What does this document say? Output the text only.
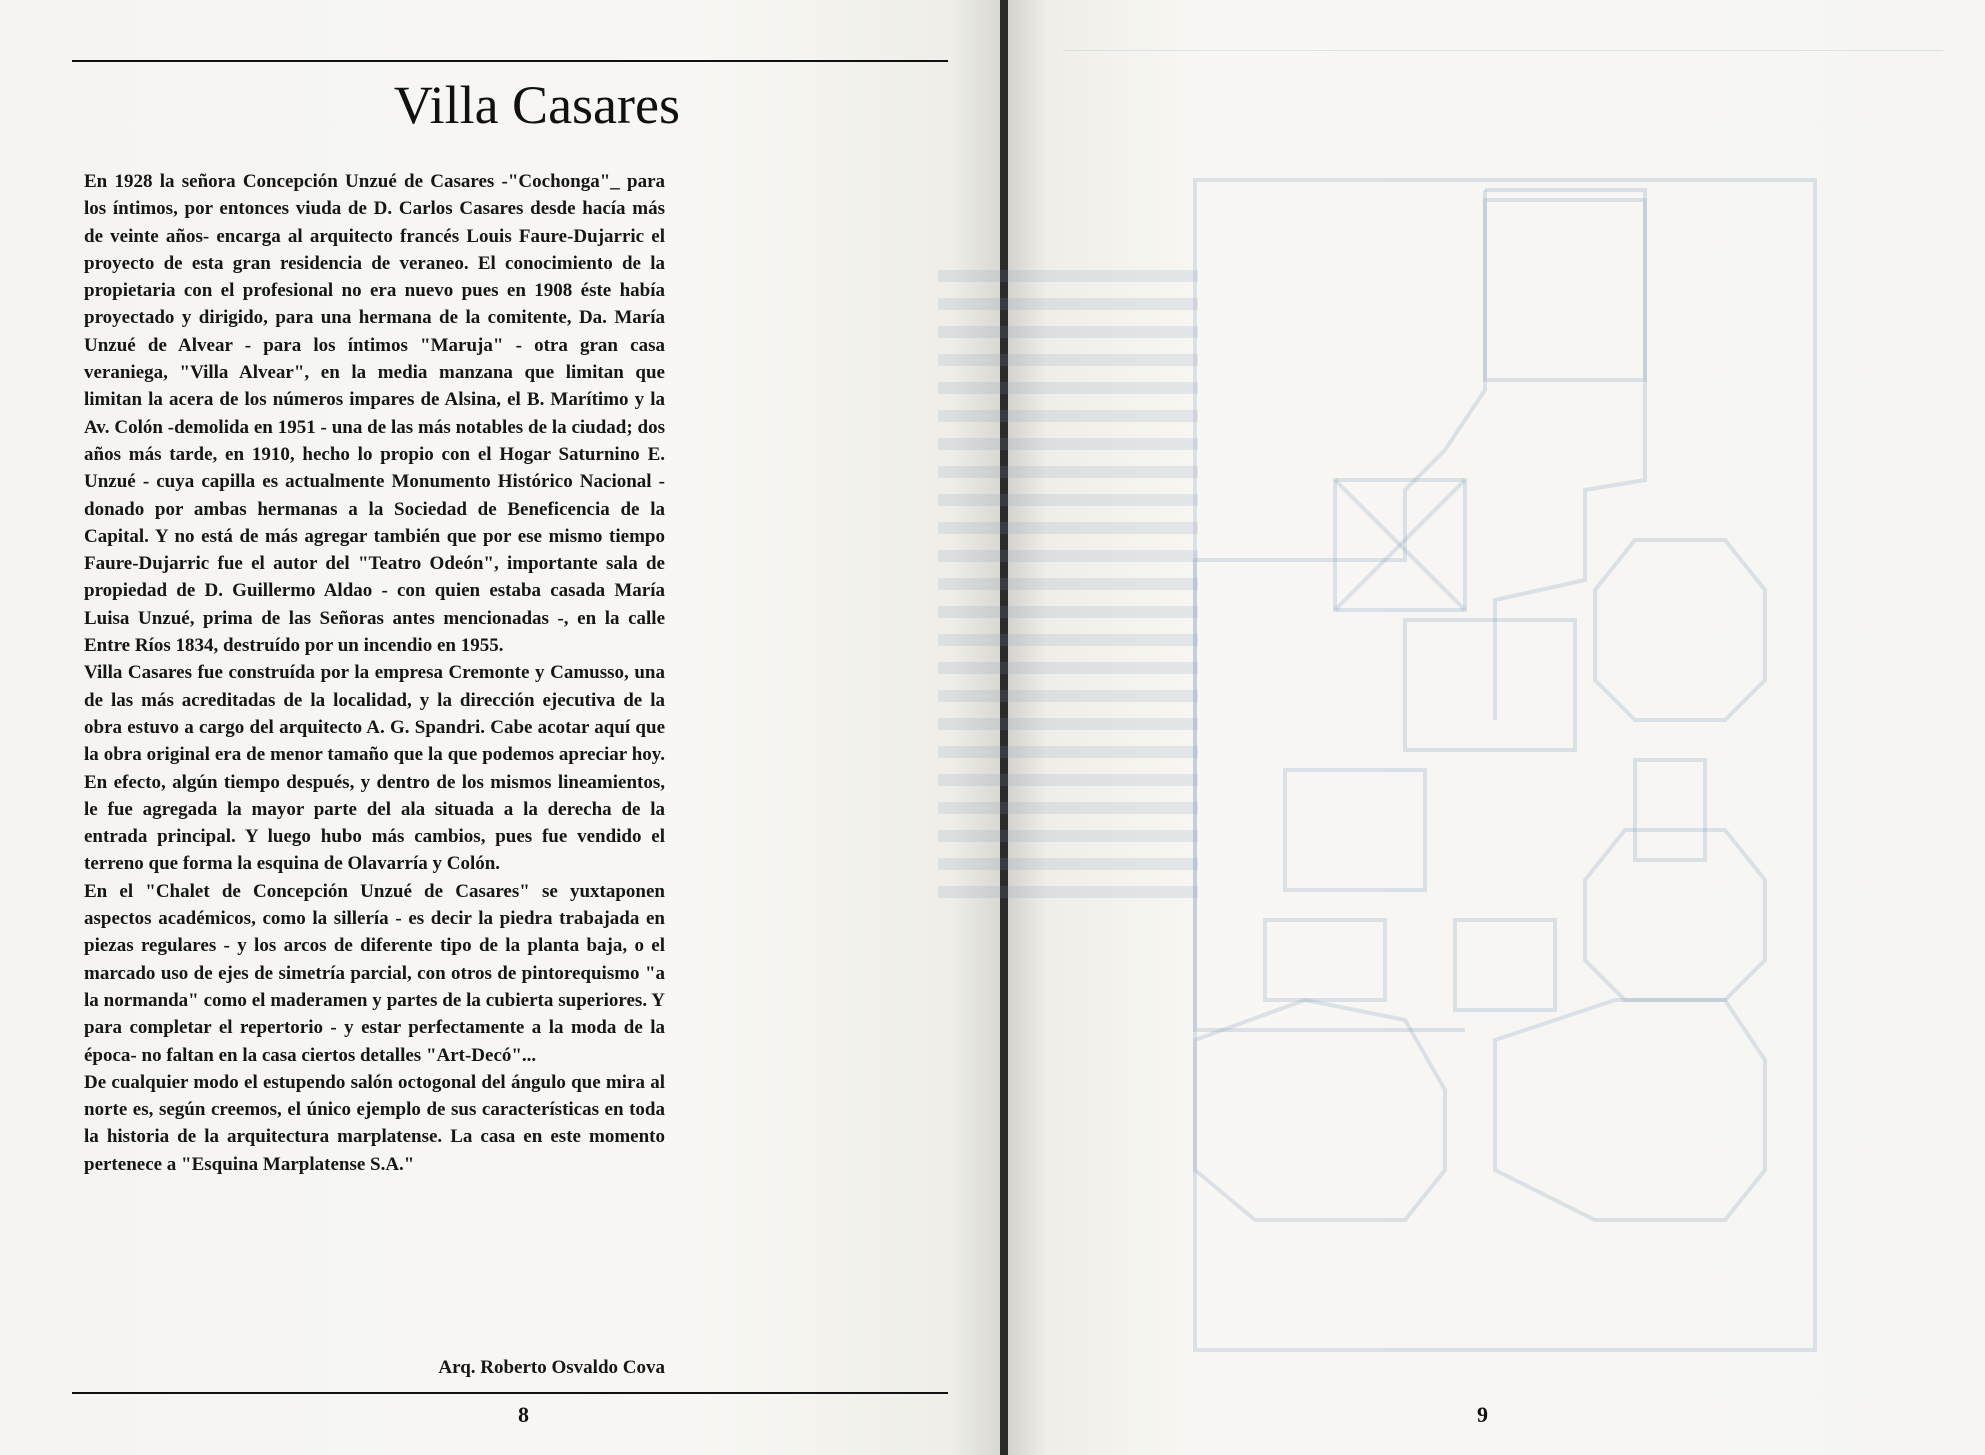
Villa Casares

En 1928 la señora Concepción Unzué de Casares -"Cochonga"_ para los íntimos, por entonces viuda de D. Carlos Casares desde hacía más de veinte años- encarga al arquitecto francés Louis Faure-Dujarric el proyecto de esta gran residencia de veraneo. El conocimiento de la propietaria con el profesional no era nuevo pues en 1908 éste había proyectado y dirigido, para una hermana de la comitente, Da. María Unzué de Alvear - para los íntimos "Maruja" - otra gran casa veraniega, "Villa Alvear", en la media manzana que limitan que limitan la acera de los números impares de Alsina, el B. Marítimo y la Av. Colón -demolida en 1951 - una de las más notables de la ciudad; dos años más tarde, en 1910, hecho lo propio con el Hogar Saturnino E. Unzué - cuya capilla es actualmente Monumento Histórico Nacional - donado por ambas hermanas a la Sociedad de Beneficencia de la Capital. Y no está de más agregar también que por ese mismo tiempo Faure-Dujarric fue el autor del "Teatro Odeón", importante sala de propiedad de D. Guillermo Aldao - con quien estaba casada María Luisa Unzué, prima de las Señoras antes mencionadas -, en la calle Entre Ríos 1834, destruído por un incendio en 1955.

Villa Casares fue construída por la empresa Cremonte y Camusso, una de las más acreditadas de la localidad, y la dirección ejecutiva de la obra estuvo a cargo del arquitecto A. G. Spandri. Cabe acotar aquí que la obra original era de menor tamaño que la que podemos apreciar hoy. En efecto, algún tiempo después, y dentro de los mismos lineamientos, le fue agregada la mayor parte del ala situada a la derecha de la entrada principal. Y luego hubo más cambios, pues fue vendido el terreno que forma la esquina de Olavarría y Colón.

En el "Chalet de Concepción Unzué de Casares" se yuxtaponen aspectos académicos, como la sillería - es decir la piedra trabajada en piezas regulares - y los arcos de diferente tipo de la planta baja, o el marcado uso de ejes de simetría parcial, con otros de pintorequismo "a la normanda" como el maderamen y partes de la cubierta superiores. Y para completar el repertorio - y estar perfectamente a la moda de la época- no faltan en la casa ciertos detalles "Art-Decó"...

De cualquier modo el estupendo salón octogonal del ángulo que mira al norte es, según creemos, el único ejemplo de sus características en toda la historia de la arquitectura marplatense. La casa en este momento pertenece a "Esquina Marplatense S.A."

Arq. Roberto Osvaldo Cova
8	9
